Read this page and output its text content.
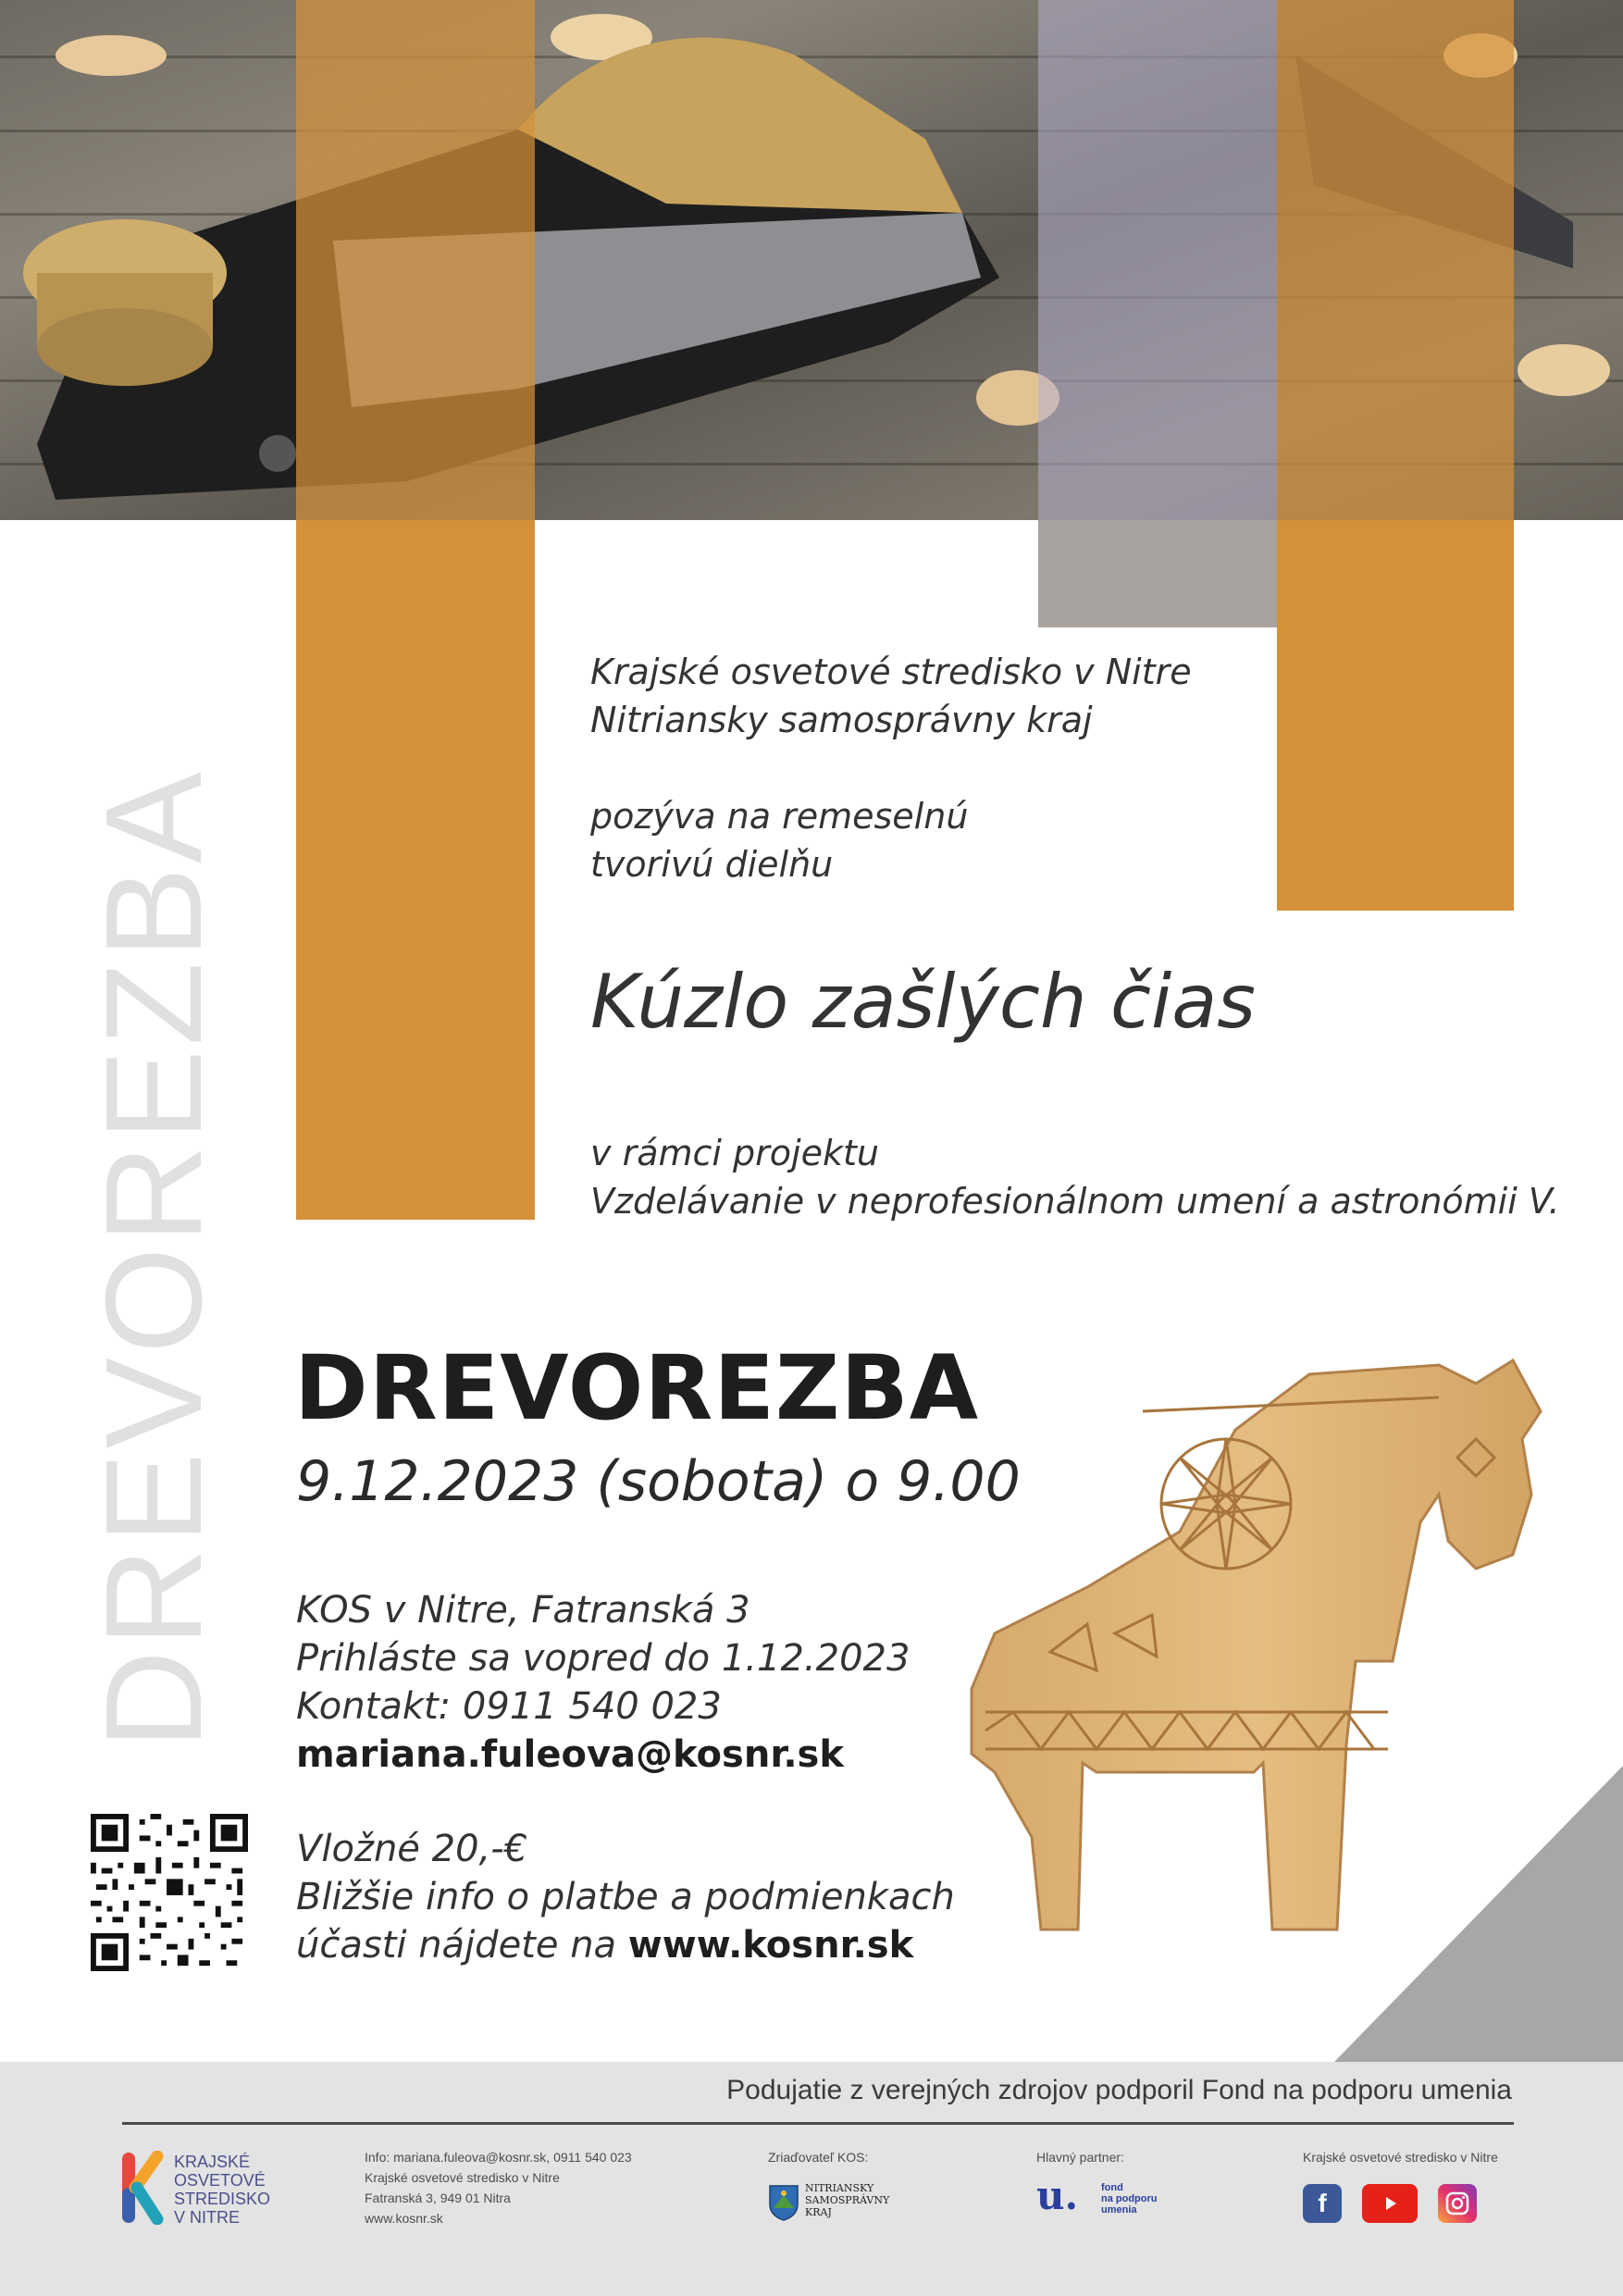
DREVOREZBA
Krajské osvetové stredisko v Nitre
Nitriansky samosprávny kraj
pozýva na remeselnú
tvorivú dielňu
Kúzlo zašlých čias
v rámci projektu
Vzdelávanie v neprofesionálnom umení a astronómii V.
DREVOREZBA
9.12.2023 (sobota) o 9.00
KOS v Nitre, Fatranská 3
Prihláste sa vopred do 1.12.2023
Kontakt: 0911 540 023
mariana.fuleova@kosnr.sk
Vložné 20,-€
Bližšie info o platbe a podmienkach
účasti nájdete na www.kosnr.sk
Podujatie z verejných zdrojov podporil Fond na podporu umenia
KRAJSKÉ
OSVETOVÉ
STREDISKO
V NITRE
Info: mariana.fuleova@kosnr.sk, 0911 540 023
Krajské osvetové stredisko v Nitre
Fatranská 3, 949 01 Nitra
www.kosnr.sk
Zriaďovateľ KOS:
NITRIANSKY
SAMOSPRÁVNY
KRAJ
Hlavný partner:
u. fond
na podporu
umenia
Krajské osvetové stredisko v Nitre
f
